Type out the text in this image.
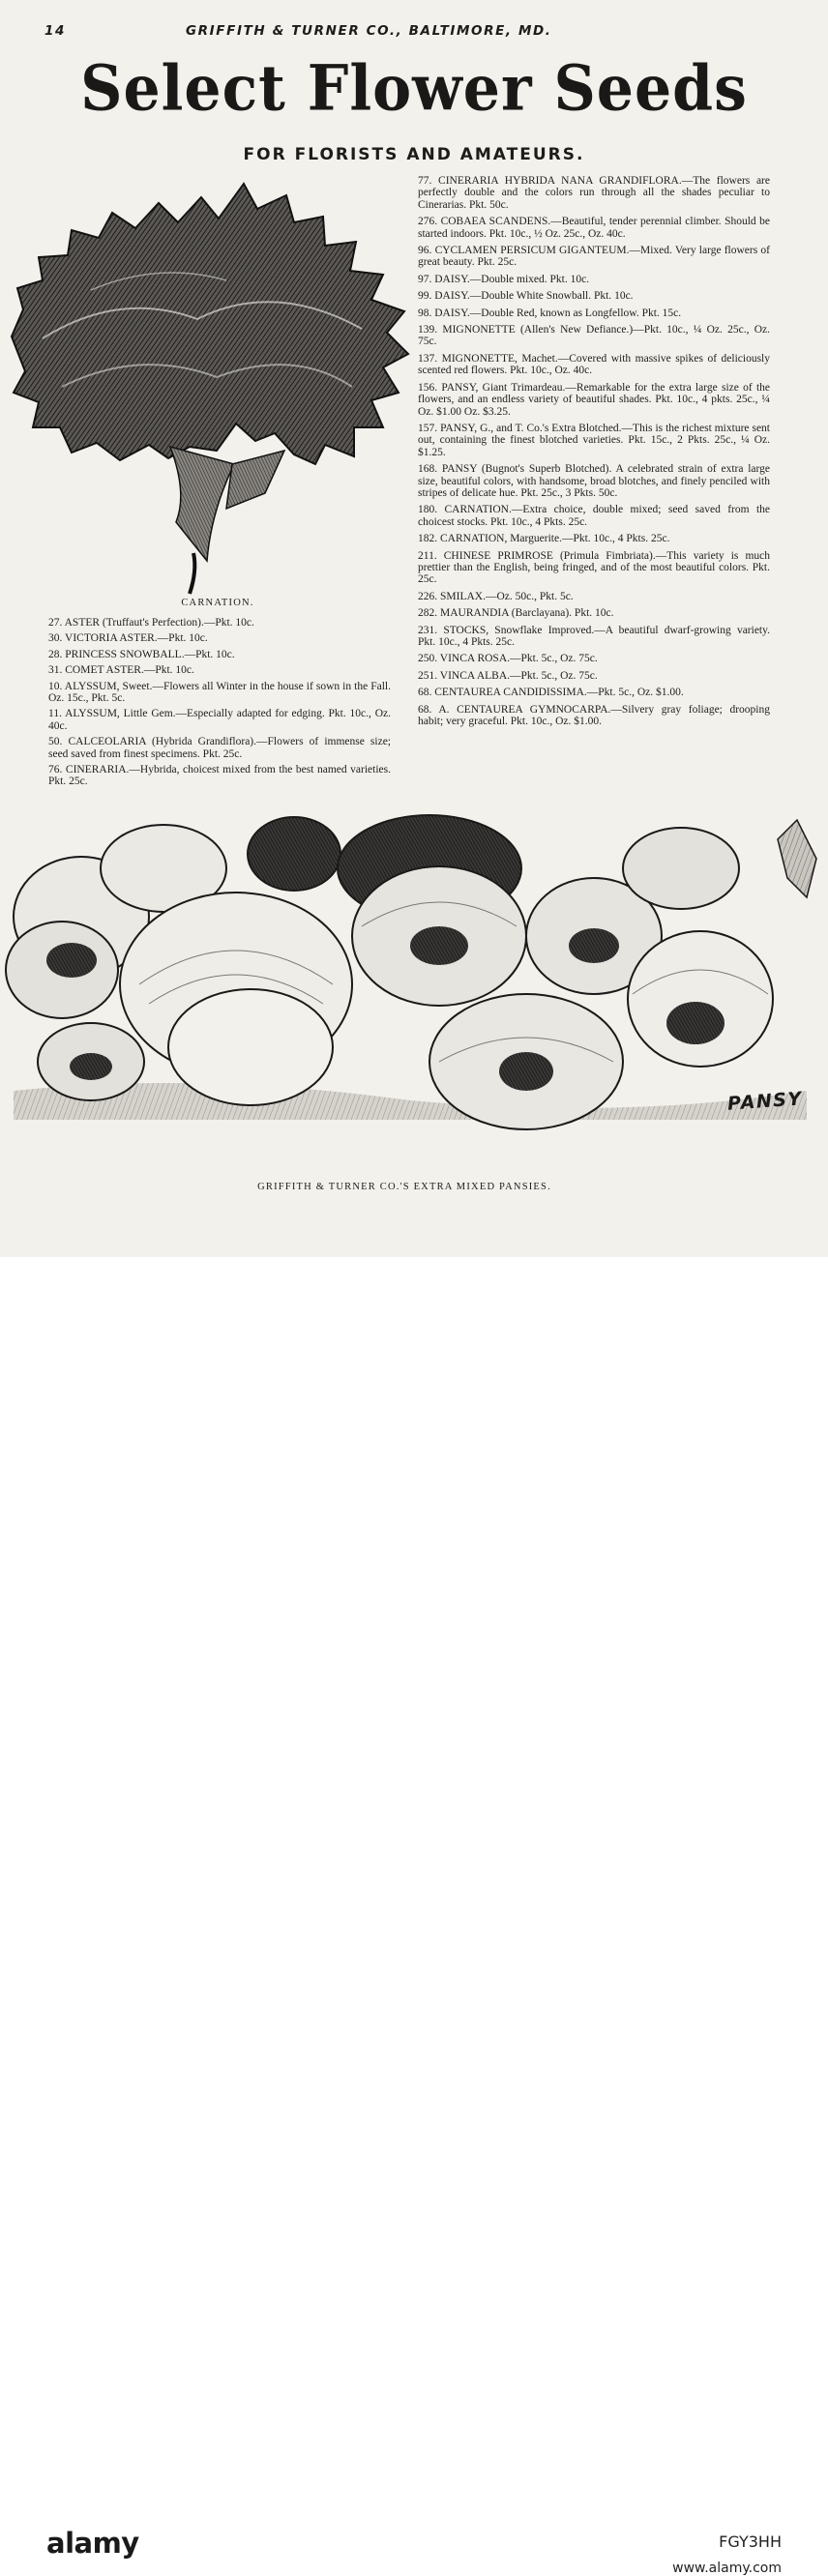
14	GRIFFITH & TURNER CO., BALTIMORE, MD.
Select Flower Seeds
FOR FLORISTS AND AMATEURS.
CARNATION.

27. ASTER (Truffaut's Perfection).—Pkt. 10c.

30. VICTORIA ASTER.—Pkt. 10c.

28. PRINCESS SNOWBALL.—Pkt. 10c.

31. COMET ASTER.—Pkt. 10c.

10. ALYSSUM, Sweet.—Flowers all Winter in the house if sown in the Fall. Oz. 15c., Pkt. 5c.

11. ALYSSUM, Little Gem.—Especially adapted for edging. Pkt. 10c., Oz. 40c.

50. CALCEOLARIA (Hybrida Grandiflora).—Flowers of immense size; seed saved from finest specimens. Pkt. 25c.

76. CINERARIA.—Hybrida, choicest mixed from the best named varieties. Pkt. 25c.

77. CINERARIA HYBRIDA NANA GRANDIFLORA.—The flowers are perfectly double and the colors run through all the shades peculiar to Cinerarias. Pkt. 50c.

276. COBAEA SCANDENS.—Beautiful, tender perennial climber. Should be started indoors. Pkt. 10c., ½ Oz. 25c., Oz. 40c.

96. CYCLAMEN PERSICUM GIGANTEUM.—Mixed. Very large flowers of great beauty. Pkt. 25c.

97. DAISY.—Double mixed. Pkt. 10c.

99. DAISY.—Double White Snowball. Pkt. 10c.

98. DAISY.—Double Red, known as Longfellow. Pkt. 15c.

139. MIGNONETTE (Allen's New Defiance.)—Pkt. 10c., ¼ Oz. 25c., Oz. 75c.

137. MIGNONETTE, Machet.—Covered with massive spikes of deliciously scented red flowers. Pkt. 10c., Oz. 40c.

156. PANSY, Giant Trimardeau.—Remarkable for the extra large size of the flowers, and an endless variety of beautiful shades. Pkt. 10c., 4 pkts. 25c., ¼ Oz. $1.00 Oz. $3.25.

157. PANSY, G., and T. Co.'s Extra Blotched.—This is the richest mixture sent out, containing the finest blotched varieties. Pkt. 15c., 2 Pkts. 25c., ¼ Oz. $1.25.

168. PANSY (Bugnot's Superb Blotched). A celebrated strain of extra large size, beautiful colors, with handsome, broad blotches, and finely penciled with stripes of delicate hue. Pkt. 25c., 3 Pkts. 50c.

180. CARNATION.—Extra choice, double mixed; seed saved from the choicest stocks. Pkt. 10c., 4 Pkts. 25c.

182. CARNATION, Marguerite.—Pkt. 10c., 4 Pkts. 25c.

211. CHINESE PRIMROSE (Primula Fimbriata).—This variety is much prettier than the English, being fringed, and of the most beautiful colors. Pkt. 25c.

226. SMILAX.—Oz. 50c., Pkt. 5c.

282. MAURANDIA (Barclayana). Pkt. 10c.

231. STOCKS, Snowflake Improved.—A beautiful dwarf-growing variety. Pkt. 10c., 4 Pkts. 25c.

250. VINCA ROSA.—Pkt. 5c., Oz. 75c.

251. VINCA ALBA.—Pkt. 5c., Oz. 75c.

68. CENTAUREA CANDIDISSIMA.—Pkt. 5c., Oz. $1.00.

68. A. CENTAUREA GYMNOCARPA.—Silvery gray foliage; drooping habit; very graceful. Pkt. 10c., Oz. $1.00.

PANSY
GRIFFITH & TURNER CO.'S EXTRA MIXED PANSIES.
alamy	FGY3HH
www.alamy.com
